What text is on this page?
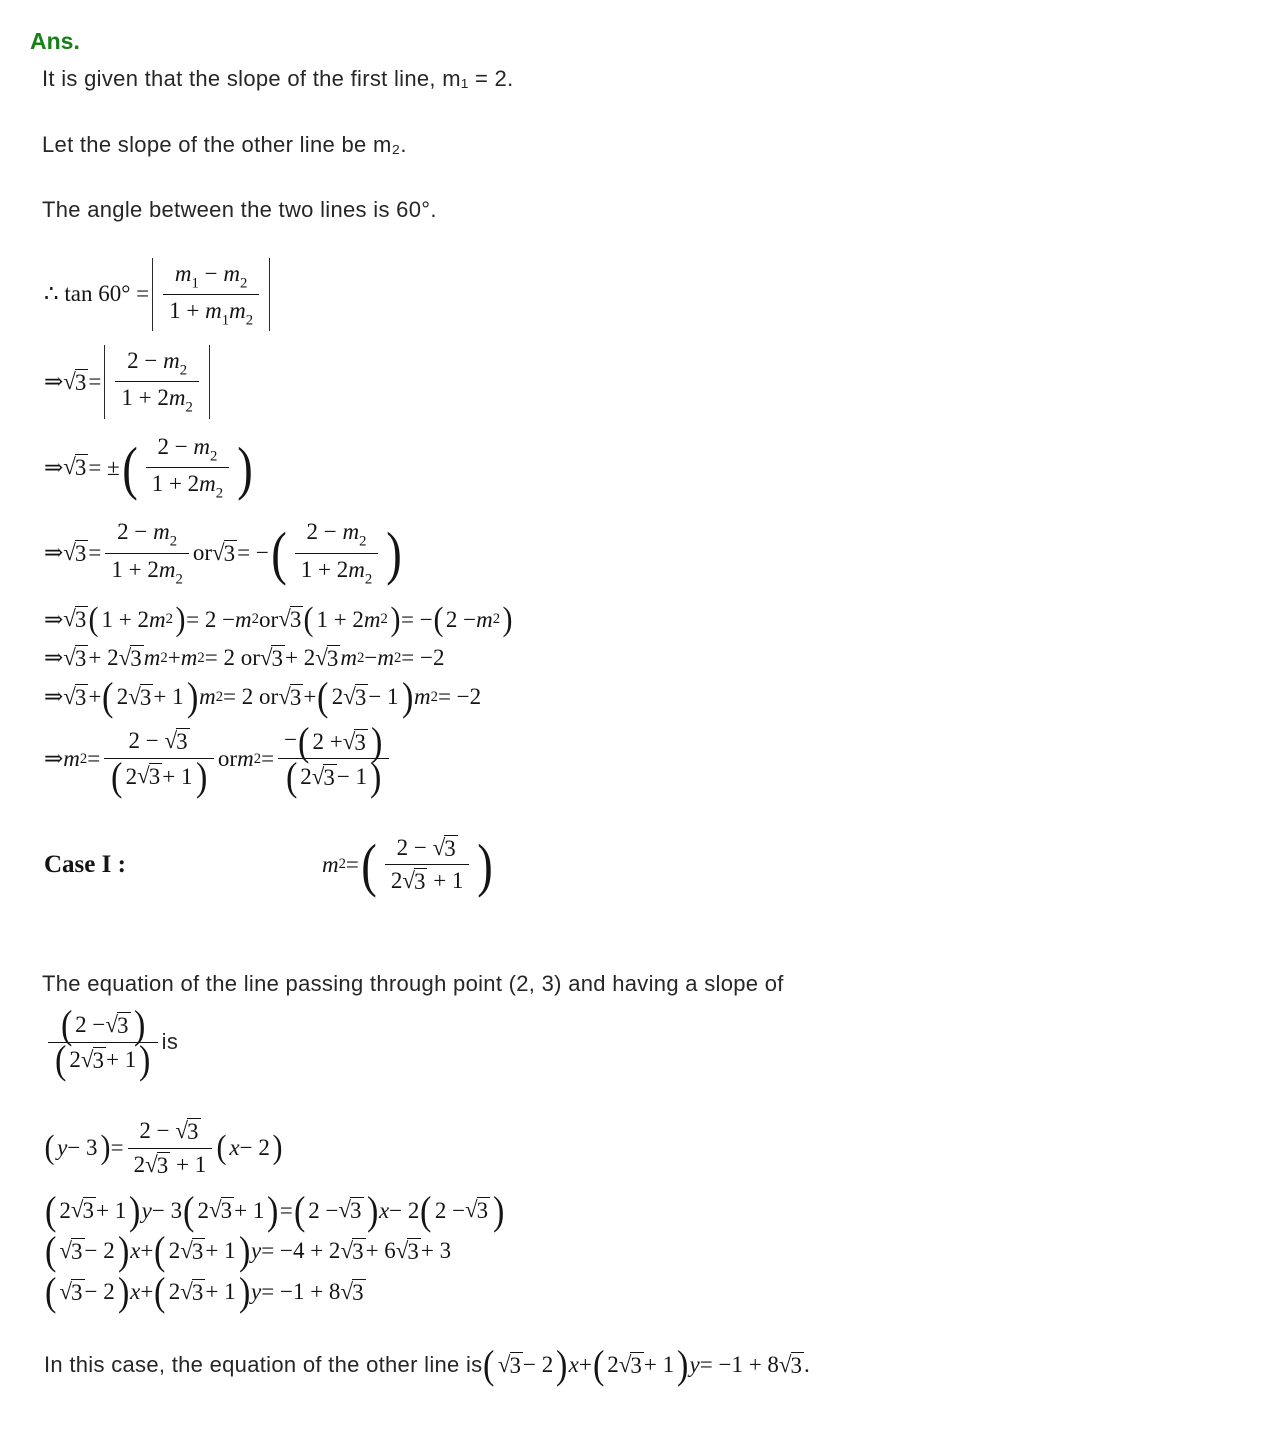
Ans.
It is given that the slope of the first line, m₁ = 2.
Let the slope of the other line be m₂.
The angle between the two lines is 60°.
∴ $\tan 60^\circ = \frac{m_1 - m_2}{1 + m_1m_2}$
⇒ √ $3 = \frac{2 - m_2}{1 + 2m_2}$
⇒ √ 3 = ± ( $\frac{2 - m_2}{1 + 2m_2}$ )
⇒ √ $3 = \frac{2 - m_2}{1 + 2m_2}$ or √ 3 = − ( $\frac{2 - m_2}{1 + 2m_2}$ )
⇒ √ 3 ( 1 + 2 m 2 ) = 2 − m 2 or √ 3 ( 1 + 2 m 2 ) = − ( 2 − m 2 )
⇒ √ 3 + 2 √ 3 m 2 + m 2 = 2 or √ 3 + 2 √ 3 m 2 − m 2 = −2
⇒ √ 3 + ( 2 √ 3 + 1 ) m 2 = 2 or √ 3 + ( 2 √ 3 − 1 ) m 2 = −2
⇒ m $2 = \frac{2 - √ 3}{( 2 √ 3 + 1 )}$ or m $2 = \frac{- ( 2 + √ 3 )}{( 2 √ 3 - 1 )}$
Case I :	m 2 = ( $\frac{2 - √ 3}{2 √ 3 + 1}$ )
The equation of the line passing through point (2, 3) and having a slope of
$\frac{( 2 - √ 3 )}{( 2 √ 3 + 1 )}$ is
( y − 3 ) = $\frac{2 - √ 3}{2 √ 3 + 1}$ ( x − 2 )
( 2 √ 3 + 1 ) y − 3 ( 2 √ 3 + 1 ) = ( 2 − √ 3 ) x − 2 ( 2 − √ 3 )
( √ 3 − 2 ) x + ( 2 √ 3 + 1 ) y = −4 + 2 √ 3 + 6 √ 3 + 3
( √ 3 − 2 ) x + ( 2 √ 3 + 1 ) y = −1 + 8 √ 3
In this case, the equation of the other line is ( √ 3 − 2 ) x + ( 2 √ 3 + 1 ) y = −1 + 8 √ 3 .
